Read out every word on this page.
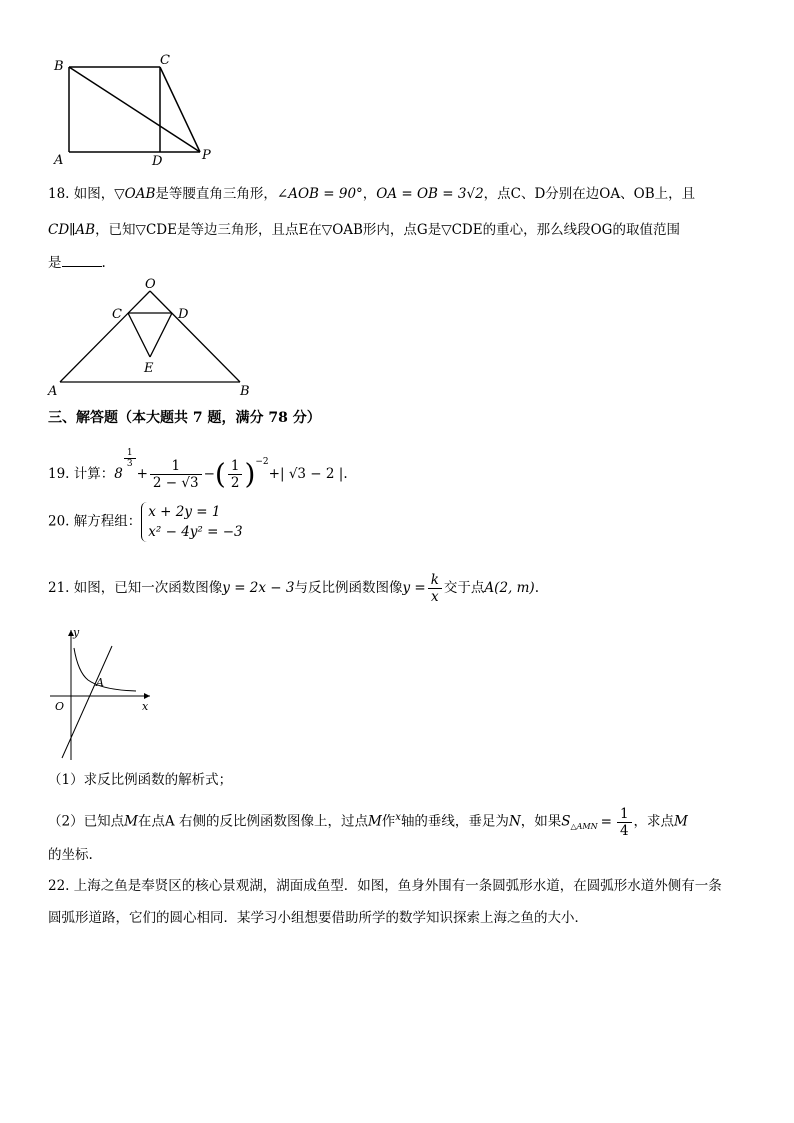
B	C
A	D	P
18. 如图，▽OAB是等腰直角三角形，∠AOB = 90°，OA = OB = 3√2，点C、D分别在边OA、OB上，且
CD∥AB，已知▽CDE是等边三角形，且点E在▽OAB形内，点G是▽CDE的重心，那么线段OG的取值范围
是	.
O
C	D
E
A	B
三、解答题（本大题共 7 题，满分 78 分）
19. 计算：8
$\frac{1}{3}$
+ $\frac{1}{2 - √3}$ −( $\frac{1}{2} )^{-2}+|$ √3 − 2 |.
20. 解方程组：
x + 2y = 1
x² − 4y² = −3
21. 如图，已知一次函数图像y = 2x − 3与反比例函数图像$y = \frac{k}{x}$ 交于点A(2, m).
y
x
O
A
（1）求反比例函数的解析式；
（2）已知点M在点A 右侧的反比例函数图像上，过点M作$^x$轴的垂线，垂足为N，如果$S_{\triangle AMN} = \frac{1}{4}$ ，求点M
的坐标.
22. 上海之鱼是奉贤区的核心景观湖，湖面成鱼型．如图，鱼身外围有一条圆弧形水道，在圆弧形水道外侧有一条
圆弧形道路，它们的圆心相同．某学习小组想要借助所学的数学知识探索上海之鱼的大小．
